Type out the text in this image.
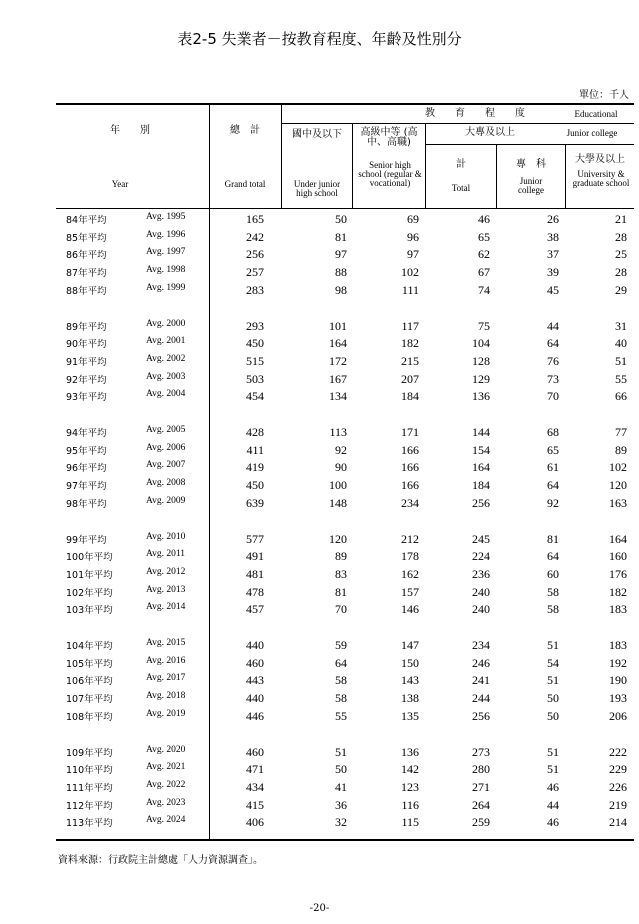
表2-5 失業者－按教育程度、年齡及性別分
單位：千人
年　　別
Year
總　計
Grand total
教　　育　　程　　度	Educational
國中及以下
Under junior high school
高級中等 (高中、高職)
Senior high school (regular & vocational)
大專及以上	Junior college
計
Total
專　科
Junior college
大學及以上
University & graduate school
84年平均	Avg. 1995	165	50	69	46	26	21
85年平均	Avg. 1996	242	81	96	65	38	28
86年平均	Avg. 1997	256	97	97	62	37	25
87年平均	Avg. 1998	257	88	102	67	39	28
88年平均	Avg. 1999	283	98	111	74	45	29
89年平均	Avg. 2000	293	101	117	75	44	31
90年平均	Avg. 2001	450	164	182	104	64	40
91年平均	Avg. 2002	515	172	215	128	76	51
92年平均	Avg. 2003	503	167	207	129	73	55
93年平均	Avg. 2004	454	134	184	136	70	66
94年平均	Avg. 2005	428	113	171	144	68	77
95年平均	Avg. 2006	411	92	166	154	65	89
96年平均	Avg. 2007	419	90	166	164	61	102
97年平均	Avg. 2008	450	100	166	184	64	120
98年平均	Avg. 2009	639	148	234	256	92	163
99年平均	Avg. 2010	577	120	212	245	81	164
100年平均	Avg. 2011	491	89	178	224	64	160
101年平均	Avg. 2012	481	83	162	236	60	176
102年平均	Avg. 2013	478	81	157	240	58	182
103年平均	Avg. 2014	457	70	146	240	58	183
104年平均	Avg. 2015	440	59	147	234	51	183
105年平均	Avg. 2016	460	64	150	246	54	192
106年平均	Avg. 2017	443	58	143	241	51	190
107年平均	Avg. 2018	440	58	138	244	50	193
108年平均	Avg. 2019	446	55	135	256	50	206
109年平均	Avg. 2020	460	51	136	273	51	222
110年平均	Avg. 2021	471	50	142	280	51	229
111年平均	Avg. 2022	434	41	123	271	46	226
112年平均	Avg. 2023	415	36	116	264	44	219
113年平均	Avg. 2024	406	32	115	259	46	214
資料來源：行政院主計總處「人力資源調查」。
-20-
